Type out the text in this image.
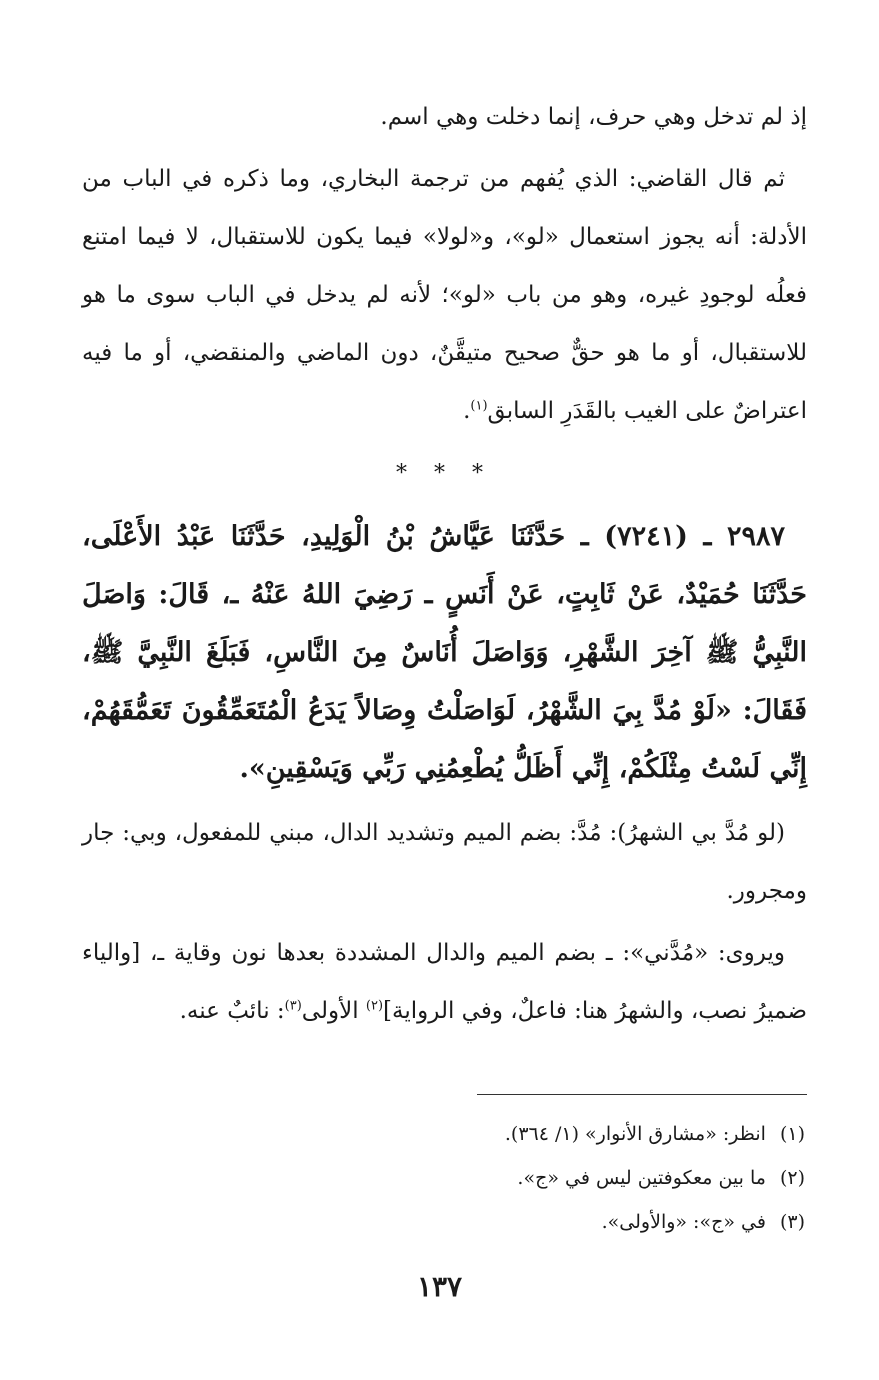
إذ لم تدخل وهي حرف، إنما دخلت وهي اسم.

ثم قال القاضي: الذي يُفهم من ترجمة البخاري، وما ذكره في الباب من الأدلة: أنه يجوز استعمال «لو»، و«لولا» فيما يكون للاستقبال، لا فيما امتنع فعلُه لوجودِ غيره، وهو من باب «لو»؛ لأنه لم يدخل في الباب سوى ما هو للاستقبال، أو ما هو حقٌّ صحيح متيقَّنٌ، دون الماضي والمنقضي، أو ما فيه اعتراضٌ على الغيب بالقَدَرِ السابق$^{(١)}$.

* * *

٢٩٨٧ ـ (٧٢٤١) ـ حَدَّثَنَا عَيَّاشُ بْنُ الْوَلِيدِ، حَدَّثَنَا عَبْدُ الأَعْلَى، حَدَّثَنَا حُمَيْدٌ، عَنْ ثَابِتٍ، عَنْ أَنَسٍ ـ رَضِيَ اللهُ عَنْهُ ـ، قَالَ: وَاصَلَ النَّبِيُّ ﷺ آخِرَ الشَّهْرِ، وَوَاصَلَ أُنَاسٌ مِنَ النَّاسِ، فَبَلَغَ النَّبِيَّ ﷺ، فَقَالَ: «لَوْ مُدَّ بِيَ الشَّهْرُ، لَوَاصَلْتُ وِصَالاً يَدَعُ الْمُتَعَمِّقُونَ تَعَمُّقَهُمْ، إِنِّي لَسْتُ مِثْلَكُمْ، إِنِّي أَظَلُّ يُطْعِمُنِي رَبِّي وَيَسْقِينِ».

(لو مُدَّ بي الشهرُ): مُدَّ: بضم الميم وتشديد الدال، مبني للمفعول، وبي: جار ومجرور.

ويروى: «مُدَّني»: ـ بضم الميم والدال المشددة بعدها نون وقاية ـ، [والياء ضميرُ نصب، والشهرُ هنا: فاعلٌ، وفي الرواية]$^{(٢)}$ الأولى$^{(٣)}$: نائبٌ عنه.

(١)انظر: «مشارق الأنوار» (١/ ٣٦٤).
(٢)ما بين معكوفتين ليس في «ج».
(٣)في «ج»: «والأولى».
١٣٧
